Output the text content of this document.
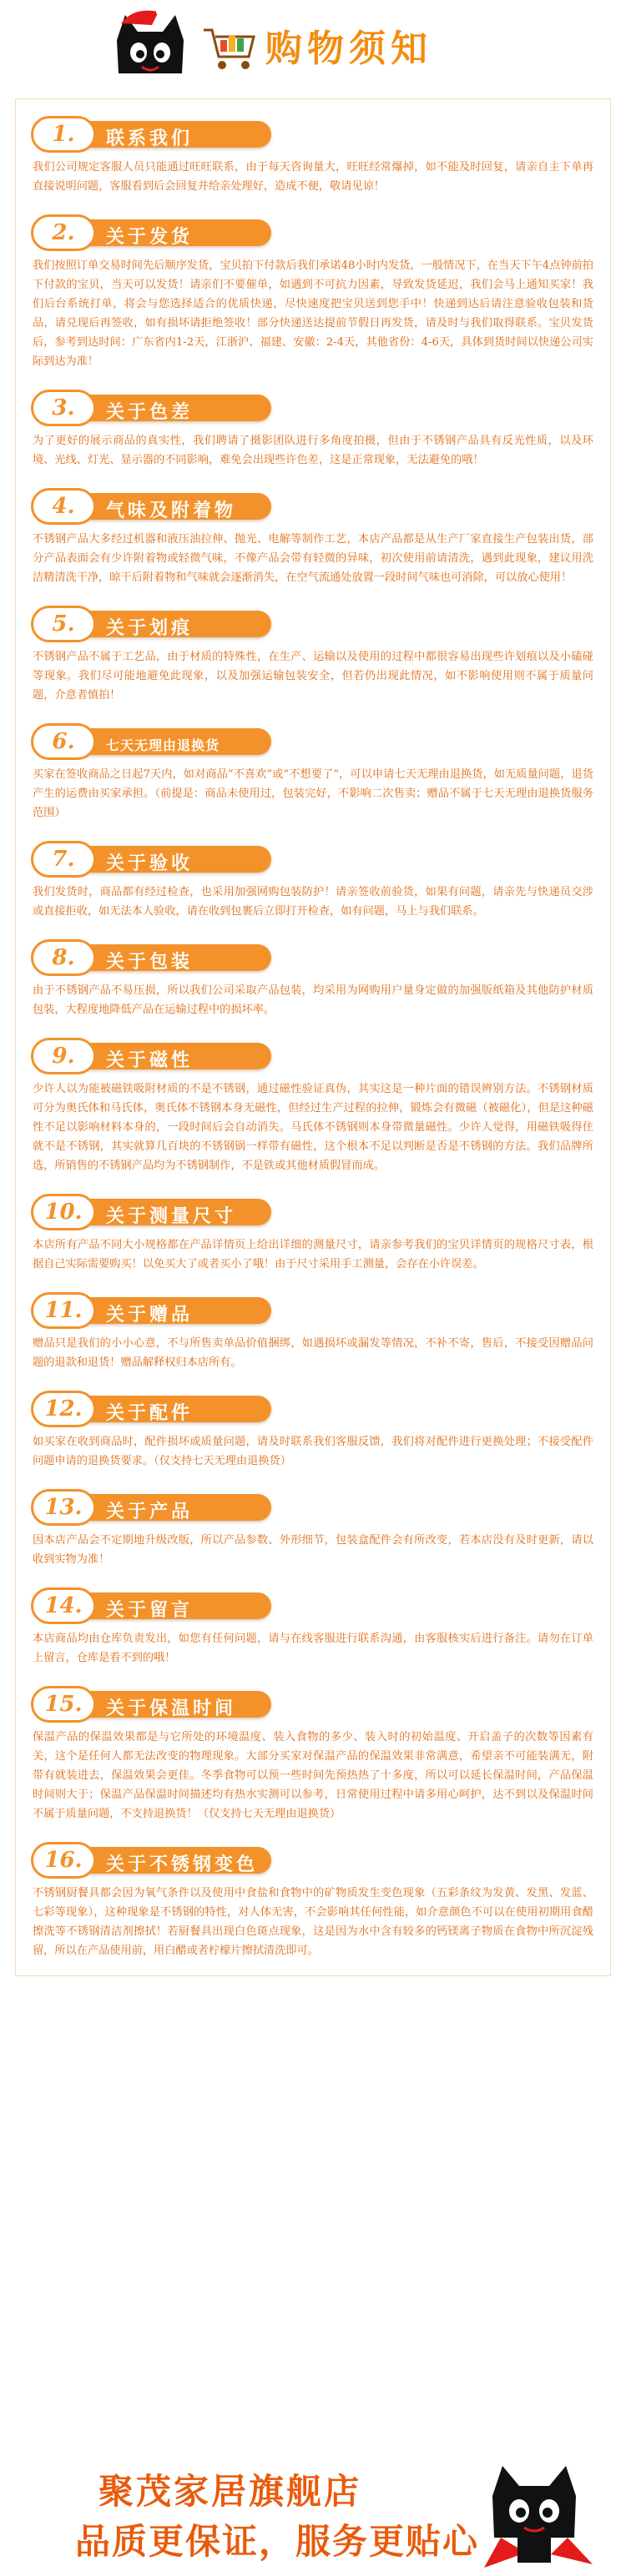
购物须知
1.	联系我们
我们公司规定客服人员只能通过旺旺联系，由于每天咨询量大，旺旺经常爆掉，如不能及时回复，请亲自主下单再直接说明问题，客服看到后会回复并给亲处理好，造成不便，敬请见谅！
2.	关于发货
我们按照订单交易时间先后顺序发货，宝贝拍下付款后我们承诺48小时内发货，一般情况下，在当天下午4点钟前拍下付款的宝贝，当天可以发货！请亲们不要催单，如遇到不可抗力因素，导致发货延迟，我们会马上通知买家！我们后台系统打单，将会与您选择适合的优质快递，尽快速度把宝贝送到您手中！快递到达后请注意验收包装和货品，请兑现后再签收，如有损坏请拒绝签收！部分快递送达提前节假日再发货，请及时与我们取得联系。宝贝发货后，参考到达时间：广东省内1-2天，江浙沪、福建、安徽：2-4天，其他省份：4-6天，具体到货时间以快递公司实际到达为准！
3.	关于色差
为了更好的展示商品的真实性，我们聘请了摄影团队进行多角度拍摄，但由于不锈钢产品具有反光性质，以及环境、光线、灯光、显示器的不同影响，难免会出现些许色差，这是正常现象，无法避免的哦！
4.	气味及附着物
不锈钢产品大多经过机器和液压油拉伸、抛光、电解等制作工艺，本店产品都是从生产厂家直接生产包装出货，部分产品表面会有少许附着物或轻微气味，不像产品会带有轻微的异味，初次使用前请清洗，遇到此现象，建议用洗洁精清洗干净，晾干后附着物和气味就会逐渐消失，在空气流通处放置一段时间气味也可消除，可以放心使用！
5.	关于划痕
不锈钢产品不属于工艺品，由于材质的特殊性，在生产、运输以及使用的过程中都很容易出现些许划痕以及小磕碰等现象。我们尽可能地避免此现象，以及加强运输包装安全，但若仍出现此情况，如不影响使用则不属于质量问题，介意者慎拍！
6.	七天无理由退换货
买家在签收商品之日起7天内，如对商品“不喜欢”或“不想要了”，可以申请七天无理由退换货，如无质量问题，退货产生的运费由买家承担。（前提是：商品未使用过，包装完好，不影响二次售卖；赠品不属于七天无理由退换货服务范围）
7.	关于验收
我们发货时，商品都有经过检查，也采用加强网购包装防护！请亲签收前验货，如果有问题，请亲先与快递员交涉或直接拒收，如无法本人验收，请在收到包裹后立即打开检查，如有问题，马上与我们联系。
8.	关于包装
由于不锈钢产品不易压损，所以我们公司采取产品包装，均采用为网购用户量身定做的加强版纸箱及其他防护材质包装，大程度地降低产品在运输过程中的损坏率。
9.	关于磁性
少许人以为能被磁铁吸附材质的不是不锈钢，通过磁性验证真伪，其实这是一种片面的错误辨别方法。不锈钢材质可分为奥氏体和马氏体，奥氏体不锈钢本身无磁性，但经过生产过程的拉伸，锻炼会有微磁（被磁化），但是这种磁性不足以影响材料本身的，一段时间后会自动消失。马氏体不锈钢则本身带微量磁性。少许人觉得，用磁铁吸得住就不是不锈钢，其实就算几百块的不锈钢锅一样带有磁性，这个根本不足以判断是否是不锈钢的方法。我们品牌所选，所销售的不锈钢产品均为不锈钢制作，不是铁或其他材质假冒而成。
10.	关于测量尺寸
本店所有产品不同大小规格都在产品详情页上给出详细的测量尺寸，请亲参考我们的宝贝详情页的规格尺寸表，根据自己实际需要购买！以免买大了或者买小了哦！由于尺寸采用手工测量，会存在小许误差。
11.	关于赠品
赠品只是我们的小小心意，不与所售卖单品价值捆绑，如遇损坏或漏发等情况，不补不寄，售后，不接受因赠品问题的退款和退货！赠品解释权归本店所有。
12.	关于配件
如买家在收到商品时，配件损坏或质量问题，请及时联系我们客服反馈，我们将对配件进行更换处理；不接受配件问题申请的退换货要求。（仅支持七天无理由退换货）
13.	关于产品
因本店产品会不定期地升级改版，所以产品参数、外形细节，包装盒配件会有所改变，若本店没有及时更新，请以收到实物为准！
14.	关于留言
本店商品均由仓库负责发出，如您有任何问题，请与在线客服进行联系沟通，由客服核实后进行备注。请勿在订单上留言，仓库是看不到的哦！
15.	关于保温时间
保温产品的保温效果都是与它所处的环境温度、装入食物的多少、装入时的初始温度、开启盖子的次数等因素有关，这个是任何人都无法改变的物理现象。大部分买家对保温产品的保温效果非常满意，希望亲不可能装满无，附带有就装进去，保温效果会更佳。冬季食物可以预一些时间先预热热了十多度，所以可以延长保温时间，产品保温时间则大于；保温产品保温时间描述均有热水实测可以参考，日常使用过程中请多用心呵护，达不到以及保温时间不属于质量问题，不支持退换货！（仅支持七天无理由退换货）
16.	关于不锈钢变色
不锈钢厨餐具都会因为氧气条件以及使用中食盐和食物中的矿物质发生变色现象（五彩条纹为发黄、发黑、发蓝、七彩等现象），这种现象是不锈钢的特性，对人体无害，不会影响其任何性能，如介意颜色不可以在使用初期用食醋擦洗等不锈钢清洁剂擦拭！若厨餐具出现白色斑点现象，这是因为水中含有较多的钙镁离子物质在食物中所沉淀残留，所以在产品使用前，用白醋或者柠檬片擦拭清洗即可。
聚茂家居旗舰店
品质更保证，服务更贴心
